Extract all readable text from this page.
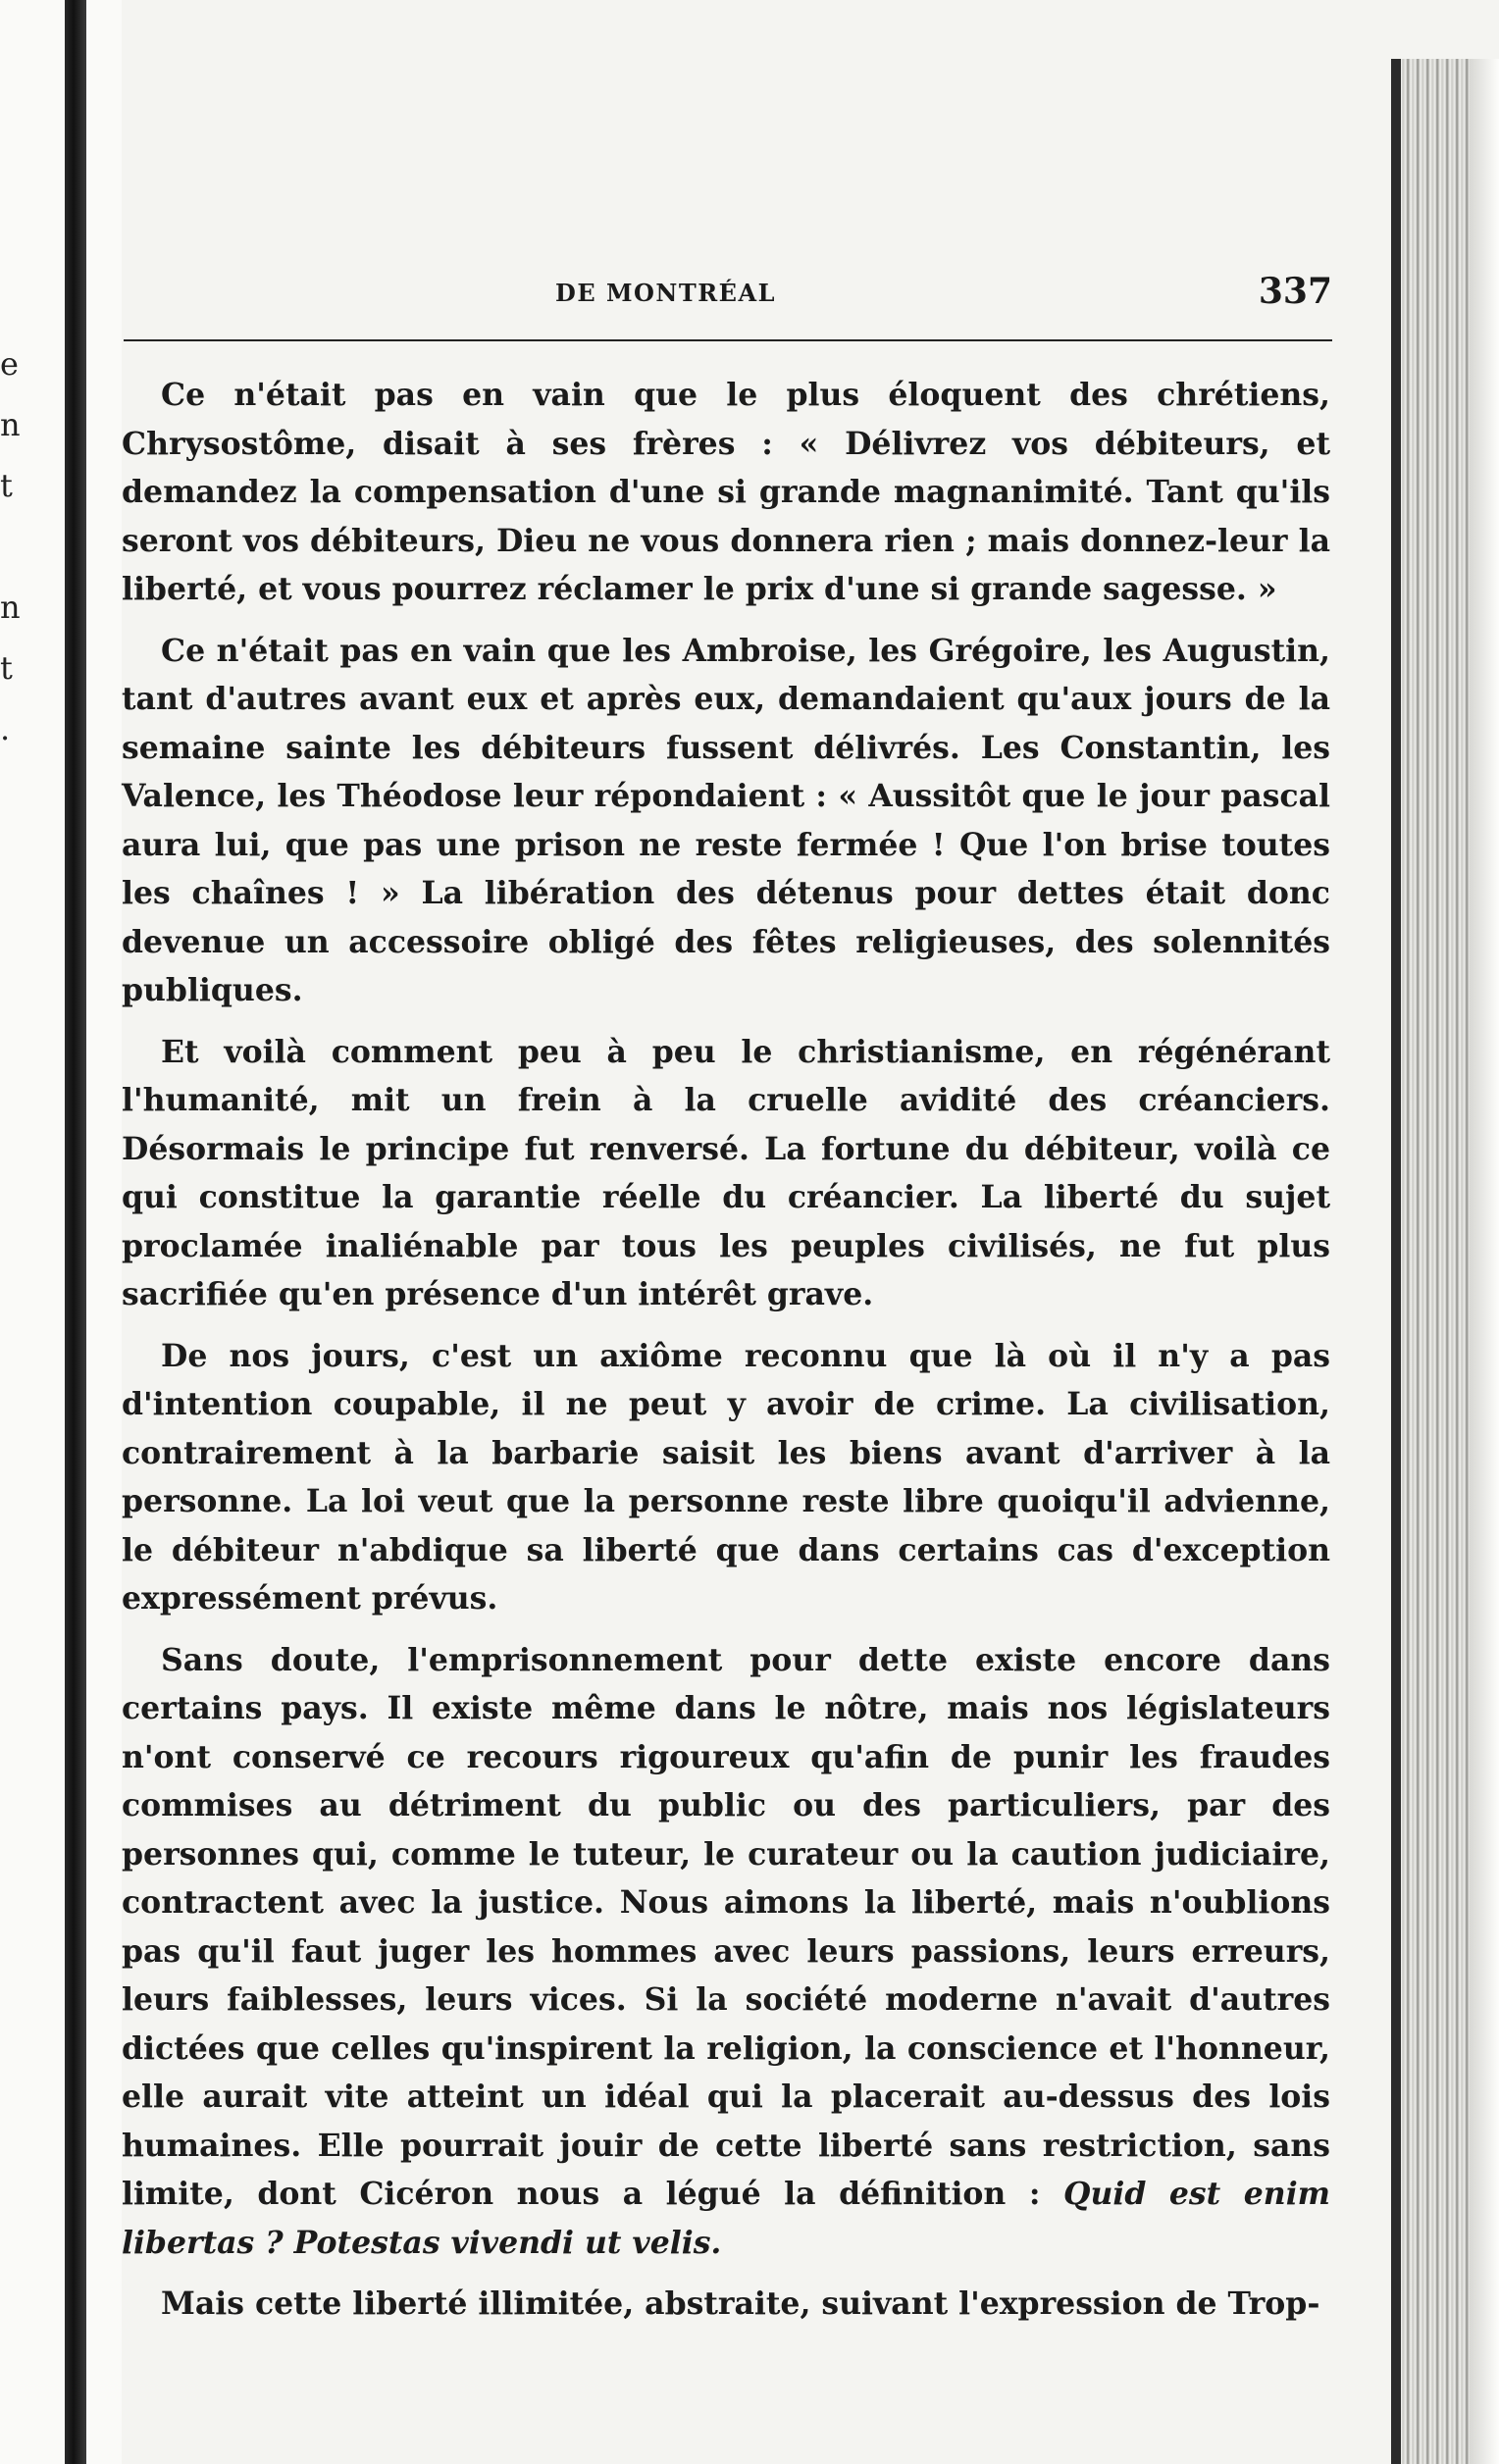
e
n
t

n
t
.
DE MONTRÉAL	337

Ce n'était pas en vain que le plus éloquent des chrétiens, Chrysostôme, disait à ses frères : « Délivrez vos débiteurs, et demandez la compensation d'une si grande magnanimité. Tant qu'ils seront vos débiteurs, Dieu ne vous donnera rien ; mais donnez-leur la liberté, et vous pourrez réclamer le prix d'une si grande sagesse. »

Ce n'était pas en vain que les Ambroise, les Grégoire, les Augustin, tant d'autres avant eux et après eux, demandaient qu'aux jours de la semaine sainte les débiteurs fussent délivrés. Les Constantin, les Valence, les Théodose leur répondaient : « Aussitôt que le jour pascal aura lui, que pas une prison ne reste fermée ! Que l'on brise toutes les chaînes ! » La libération des détenus pour dettes était donc devenue un accessoire obligé des fêtes religieuses, des solennités publiques.

Et voilà comment peu à peu le christianisme, en régénérant l'humanité, mit un frein à la cruelle avidité des créanciers. Désormais le principe fut renversé. La fortune du débiteur, voilà ce qui constitue la garantie réelle du créancier. La liberté du sujet proclamée inaliénable par tous les peuples civilisés, ne fut plus sacrifiée qu'en présence d'un intérêt grave.

De nos jours, c'est un axiôme reconnu que là où il n'y a pas d'intention coupable, il ne peut y avoir de crime. La civilisation, contrairement à la barbarie saisit les biens avant d'arriver à la personne. La loi veut que la personne reste libre quoiqu'il advienne, le débiteur n'abdique sa liberté que dans certains cas d'exception expressément prévus.

Sans doute, l'emprisonnement pour dette existe encore dans certains pays. Il existe même dans le nôtre, mais nos législateurs n'ont conservé ce recours rigoureux qu'afin de punir les fraudes commises au détriment du public ou des particuliers, par des personnes qui, comme le tuteur, le curateur ou la caution judiciaire, contractent avec la justice. Nous aimons la liberté, mais n'oublions pas qu'il faut juger les hommes avec leurs passions, leurs erreurs, leurs faiblesses, leurs vices. Si la société moderne n'avait d'autres dictées que celles qu'inspirent la religion, la conscience et l'honneur, elle aurait vite atteint un idéal qui la placerait au-dessus des lois humaines. Elle pourrait jouir de cette liberté sans restriction, sans limite, dont Cicéron nous a légué la définition : Quid est enim libertas ? Potestas vivendi ut velis.

Mais cette liberté illimitée, abstraite, suivant l'expression de Trop-
